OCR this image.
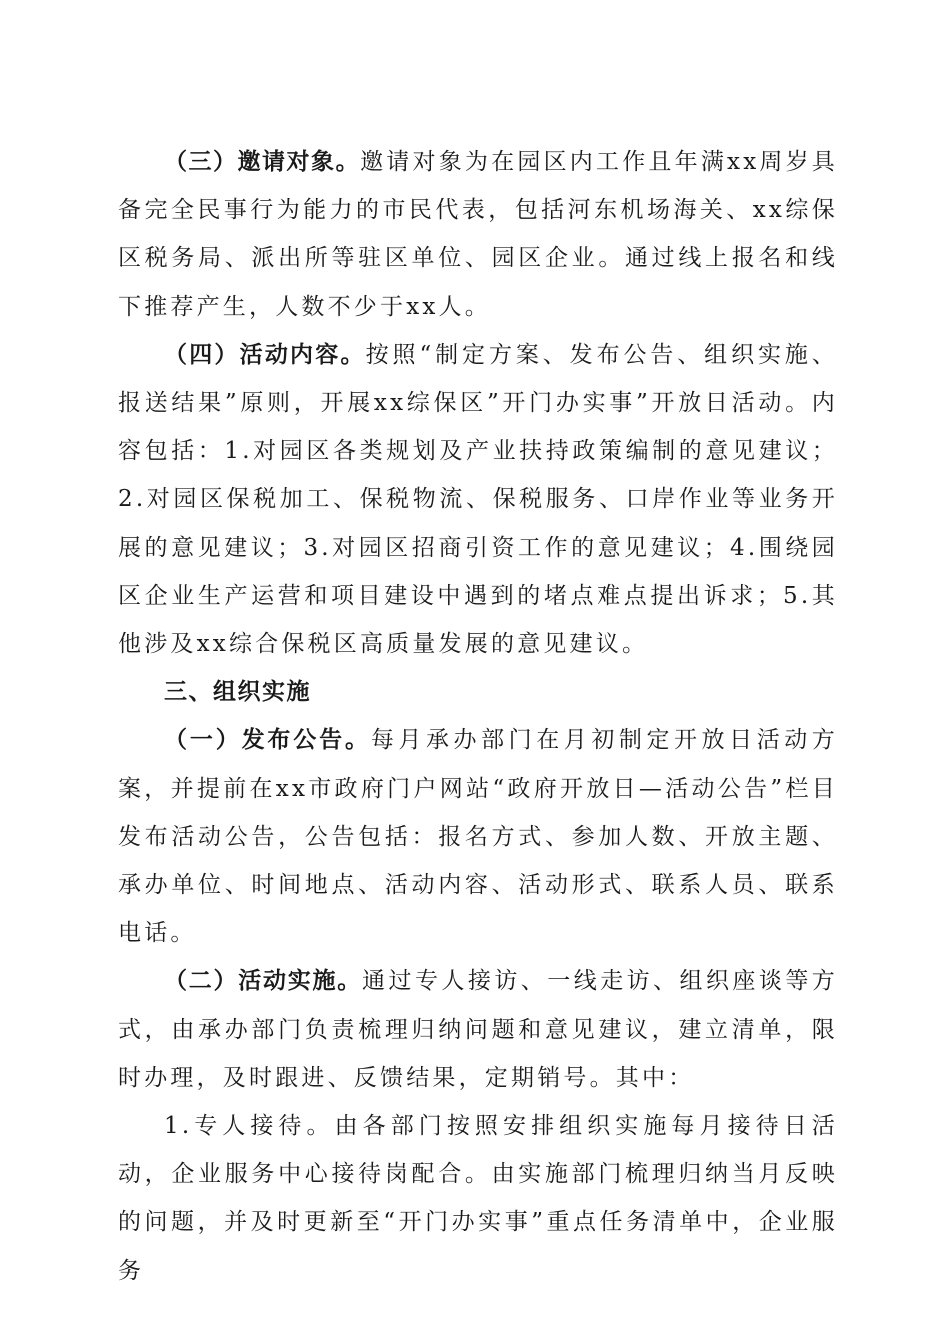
（三）邀请对象。邀请对象为在园区内工作且年满xx周岁具备完全民事行为能力的市民代表，包括河东机场海关、xx综保区税务局、派出所等驻区单位、园区企业。通过线上报名和线下推荐产生，人数不少于xx人。

（四）活动内容。按照“制定方案、发布公告、组织实施、报送结果”原则，开展xx综保区”开门办实事”开放日活动。内容包括：1.对园区各类规划及产业扶持政策编制的意见建议；2.对园区保税加工、保税物流、保税服务、口岸作业等业务开展的意见建议；3.对园区招商引资工作的意见建议；4.围绕园区企业生产运营和项目建设中遇到的堵点难点提出诉求；5.其他涉及xx综合保税区高质量发展的意见建议。

三、组织实施

（一）发布公告。每月承办部门在月初制定开放日活动方案，并提前在xx市政府门户网站“政府开放日—活动公告”栏目发布活动公告，公告包括：报名方式、参加人数、开放主题、承办单位、时间地点、活动内容、活动形式、联系人员、联系电话。

（二）活动实施。通过专人接访、一线走访、组织座谈等方式，由承办部门负责梳理归纳问题和意见建议，建立清单，限时办理，及时跟进、反馈结果，定期销号。其中：

1.专人接待。由各部门按照安排组织实施每月接待日活动，企业服务中心接待岗配合。由实施部门梳理归纳当月反映的问题，并及时更新至“开门办实事”重点任务清单中，企业服务
